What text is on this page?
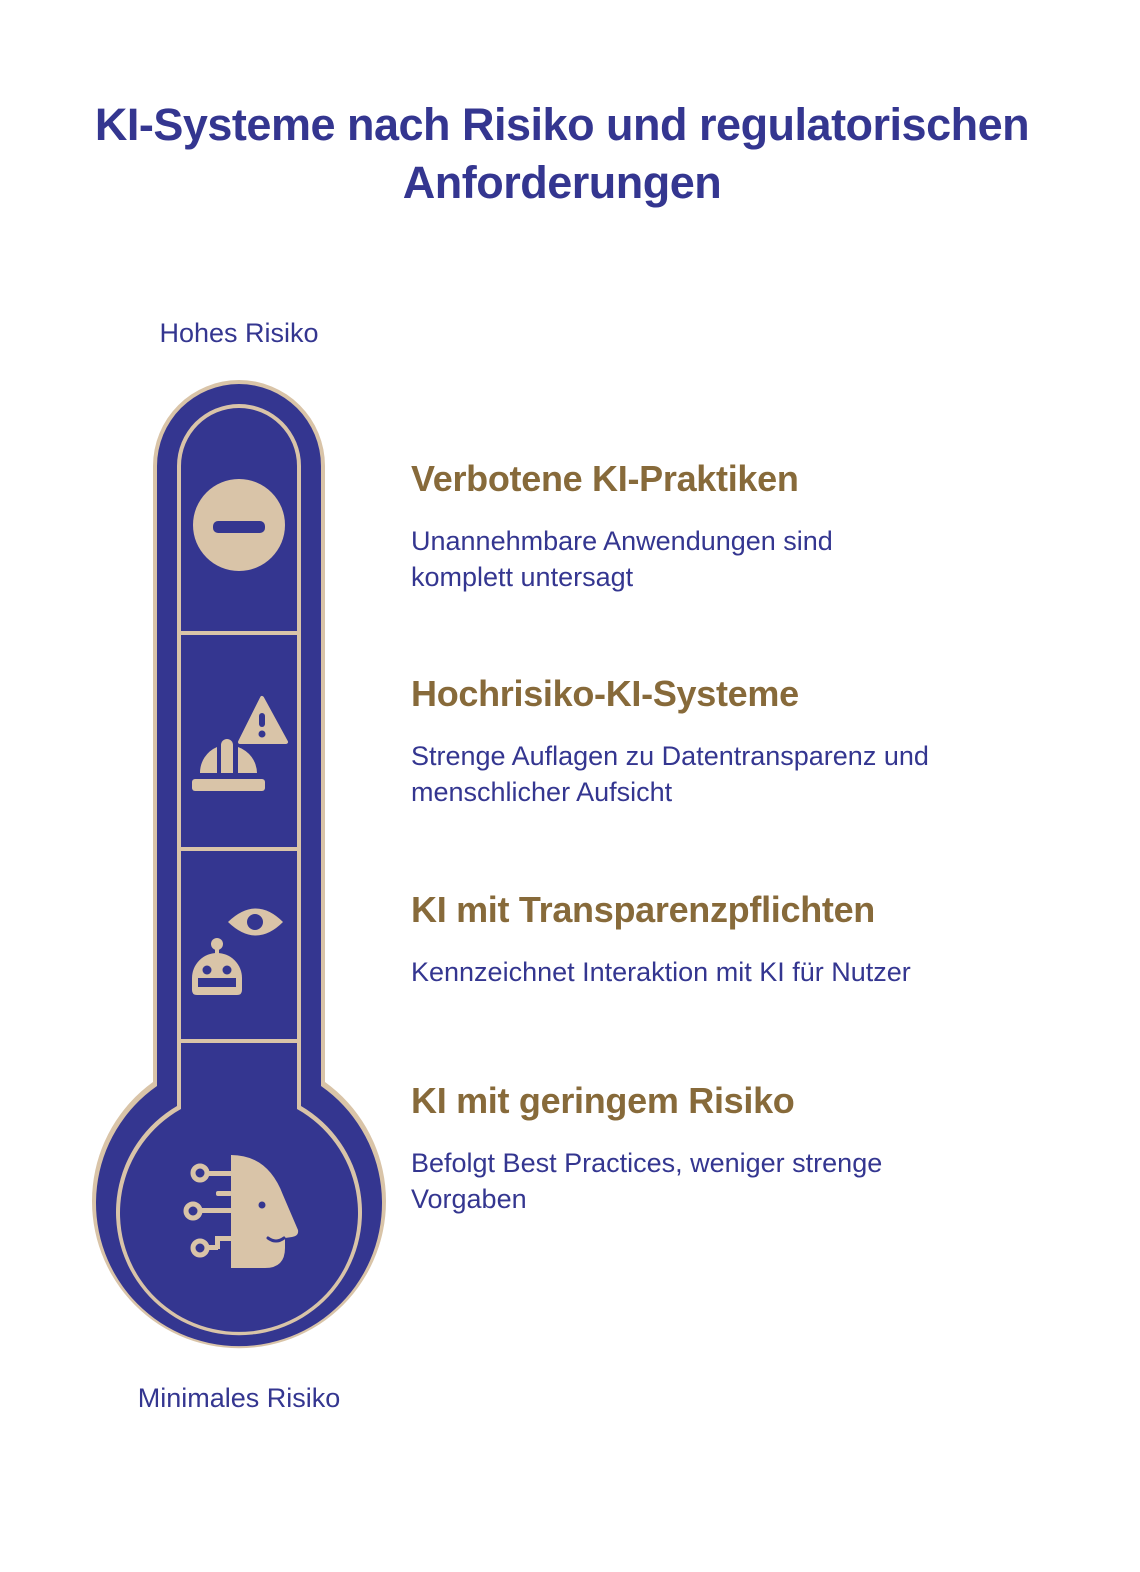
KI-Systeme nach Risiko und regulatorischen Anforderungen
Hohes Risiko
Minimales Risiko
Verbotene KI-Praktiken

Unannehmbare Anwendungen sind komplett untersagt

Hochrisiko-KI-Systeme

Strenge Auflagen zu Datentransparenz und menschlicher Aufsicht

KI mit Transparenzpflichten

Kennzeichnet Interaktion mit KI für Nutzer

KI mit geringem Risiko

Befolgt Best Practices, weniger strenge Vorgaben
